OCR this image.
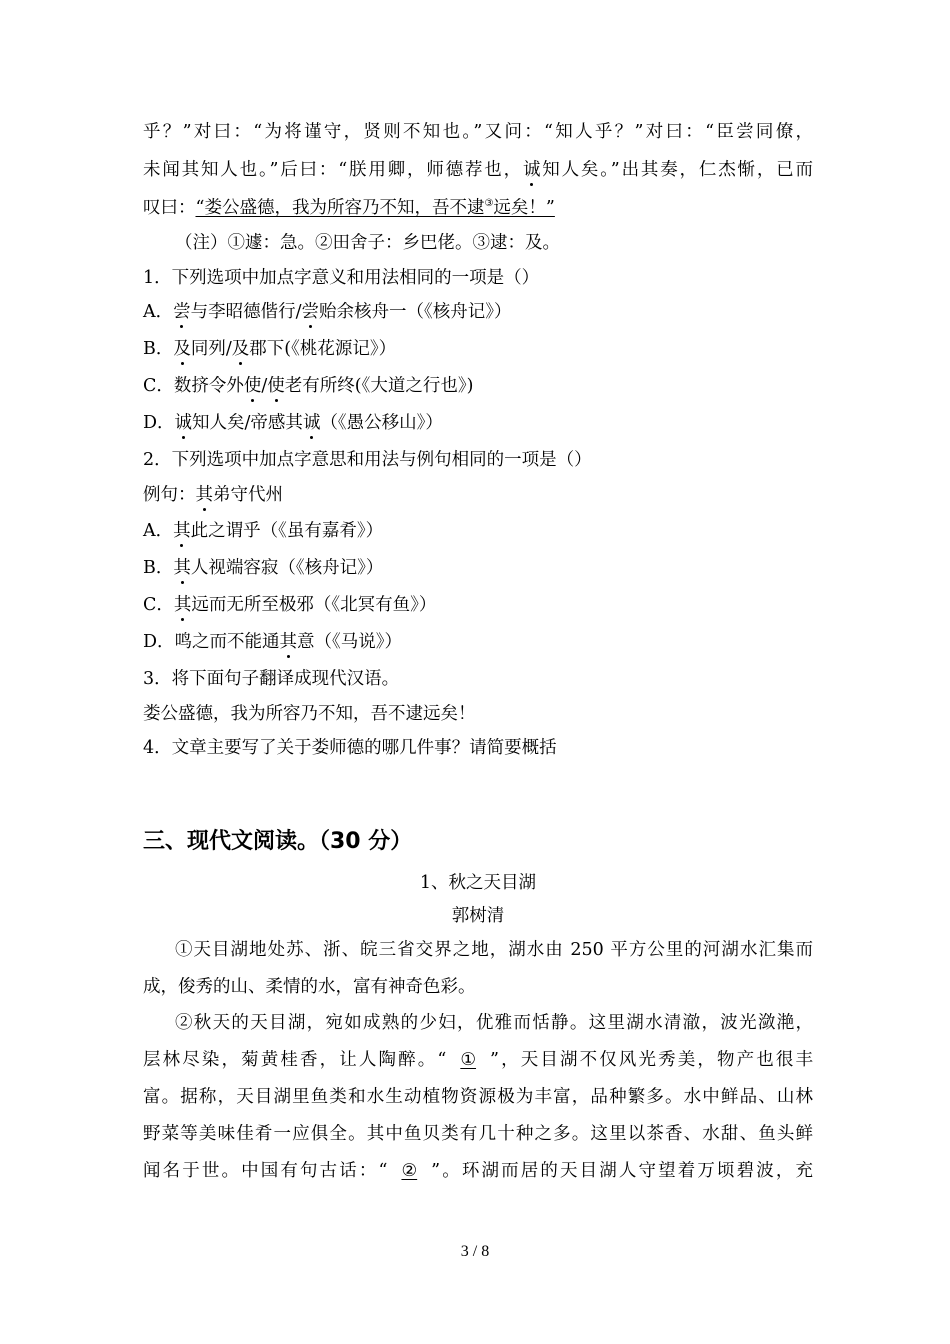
乎？”对曰：“为将谨守，贤则不知也。”又问：“知人乎？”对曰：“臣尝同僚，
未闻其知人也。”后曰：“朕用卿，师德荐也，诚知人矣。”出其奏，仁杰惭，已而
叹曰：“娄公盛德，我为所容乃不知，吾不逮③远矣！”
（注）①遽：急。②田舍子：乡巴佬。③逮：及。
1．下列选项中加点字意义和用法相同的一项是（）
A．尝与李昭德偕行/尝贻余核舟一（《核舟记》）
B．及同列/及郡下(《桃花源记》）
C．数挤令外使/使老有所终(《大道之行也》)
D．诚知人矣/帝感其诚（《愚公移山》）
2．下列选项中加点字意思和用法与例句相同的一项是（）
例句：其弟守代州
A．其此之谓乎（《虽有嘉肴》）
B．其人视端容寂（《核舟记》）
C．其远而无所至极邪（《北冥有鱼》）
D．鸣之而不能通其意（《马说》）
3．将下面句子翻译成现代汉语。
娄公盛德，我为所容乃不知，吾不逮远矣！
4．文章主要写了关于娄师德的哪几件事？请简要概括
三、现代文阅读。（30 分）
1、秋之天目湖
郭树清
①天目湖地处苏、浙、皖三省交界之地，湖水由 250 平方公里的河湖水汇集而
成，俊秀的山、柔情的水，富有神奇色彩。
②秋天的天目湖，宛如成熟的少妇，优雅而恬静。这里湖水清澈，波光潋滟，
层林尽染，菊黄桂香，让人陶醉。“ ① ”，天目湖不仅风光秀美，物产也很丰
富。据称，天目湖里鱼类和水生动植物资源极为丰富，品种繁多。水中鲜品、山林
野菜等美味佳肴一应俱全。其中鱼贝类有几十种之多。这里以茶香、水甜、鱼头鲜
闻名于世。中国有句古话：“ ② ”。环湖而居的天目湖人守望着万顷碧波，充
3 / 8
